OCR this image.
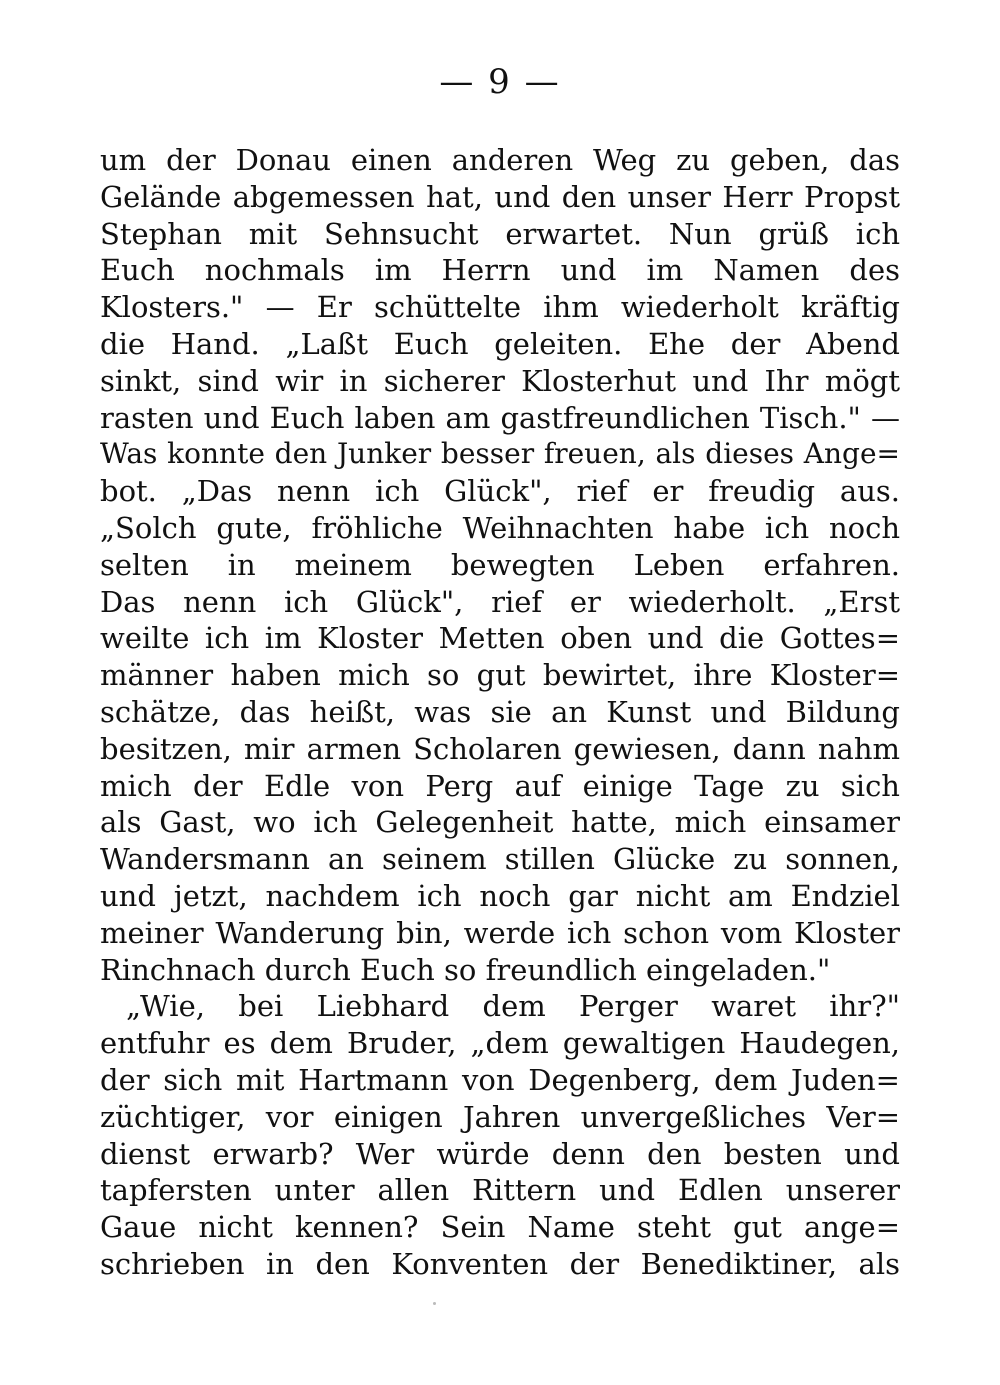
— 9 —
um der Donau einen anderen Weg zu geben, das
Gelände abgemessen hat, und den unser Herr Propst
Stephan mit Sehnsucht erwartet. Nun grüß ich
Euch nochmals im Herrn und im Namen des
Klosters." — Er schüttelte ihm wiederholt kräftig
die Hand. „Laßt Euch geleiten. Ehe der Abend
sinkt, sind wir in sicherer Klosterhut und Ihr mögt
rasten und Euch laben am gastfreundlichen Tisch." —
Was konnte den Junker besser freuen, als dieses Ange=
bot. „Das nenn ich Glück", rief er freudig aus.
„Solch gute, fröhliche Weihnachten habe ich noch
selten in meinem bewegten Leben erfahren.
Das nenn ich Glück", rief er wiederholt. „Erst
weilte ich im Kloster Metten oben und die Gottes=
männer haben mich so gut bewirtet, ihre Kloster=
schätze, das heißt, was sie an Kunst und Bildung
besitzen, mir armen Scholaren gewiesen, dann nahm
mich der Edle von Perg auf einige Tage zu sich
als Gast, wo ich Gelegenheit hatte, mich einsamer
Wandersmann an seinem stillen Glücke zu sonnen,
und jetzt, nachdem ich noch gar nicht am Endziel
meiner Wanderung bin, werde ich schon vom Kloster
Rinchnach durch Euch so freundlich eingeladen."
„Wie, bei Liebhard dem Perger waret ihr?"
entfuhr es dem Bruder, „dem gewaltigen Haudegen,
der sich mit Hartmann von Degenberg, dem Juden=
züchtiger, vor einigen Jahren unvergeßliches Ver=
dienst erwarb? Wer würde denn den besten und
tapfersten unter allen Rittern und Edlen unserer
Gaue nicht kennen? Sein Name steht gut ange=
schrieben in den Konventen der Benediktiner, als
